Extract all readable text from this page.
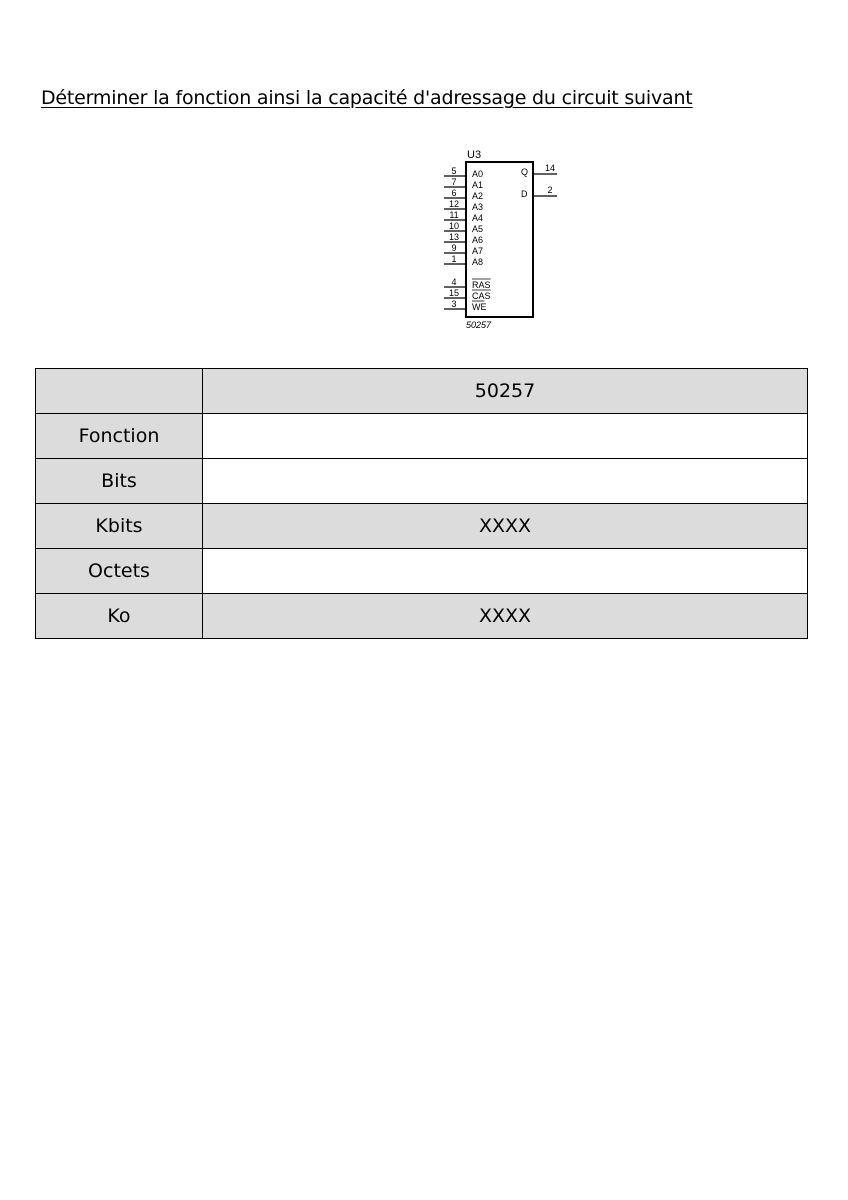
Déterminer la fonction ainsi la capacité d'adressage du circuit suivant
U3
50257
5 A0
7 A1
6 A2
12 A3
11 A4
10 A5
13 A6
9 A7
1 A8
4 RAS
15 CAS
3 WE
14
Q
2
D
	50257
Fonction	
Bits	
Kbits	XXXX
Octets	
Ko	XXXX
